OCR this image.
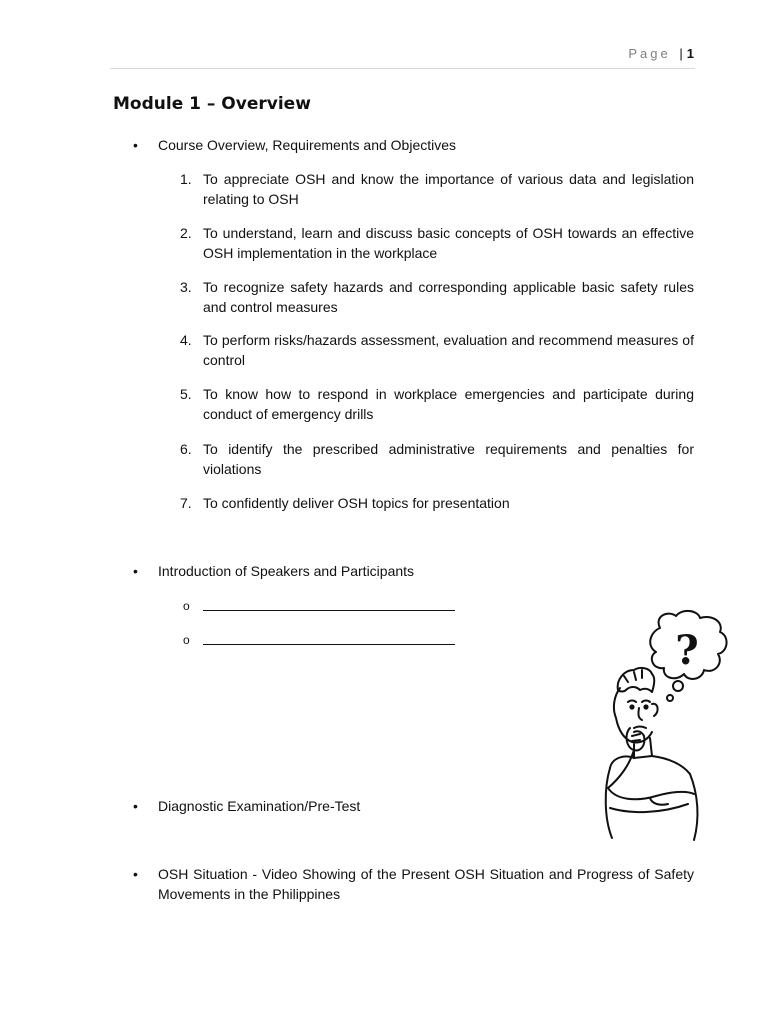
Page | 1
Module 1 – Overview
• Course Overview, Requirements and Objectives
1. To appreciate OSH and know the importance of various data and legislation relating to OSH
2. To understand, learn and discuss basic concepts of OSH towards an effective OSH implementation in the workplace
3. To recognize safety hazards and corresponding applicable basic safety rules and control measures
4. To perform risks/hazards assessment, evaluation and recommend measures of control
5. To know how to respond in workplace emergencies and participate during conduct of emergency drills
6. To identify the prescribed administrative requirements and penalties for violations
7. To confidently deliver OSH topics for presentation
• Introduction of Speakers and Participants
o
o
• Diagnostic Examination/Pre-Test
• OSH Situation - Video Showing of the Present OSH Situation and Progress of Safety Movements in the Philippines
?
